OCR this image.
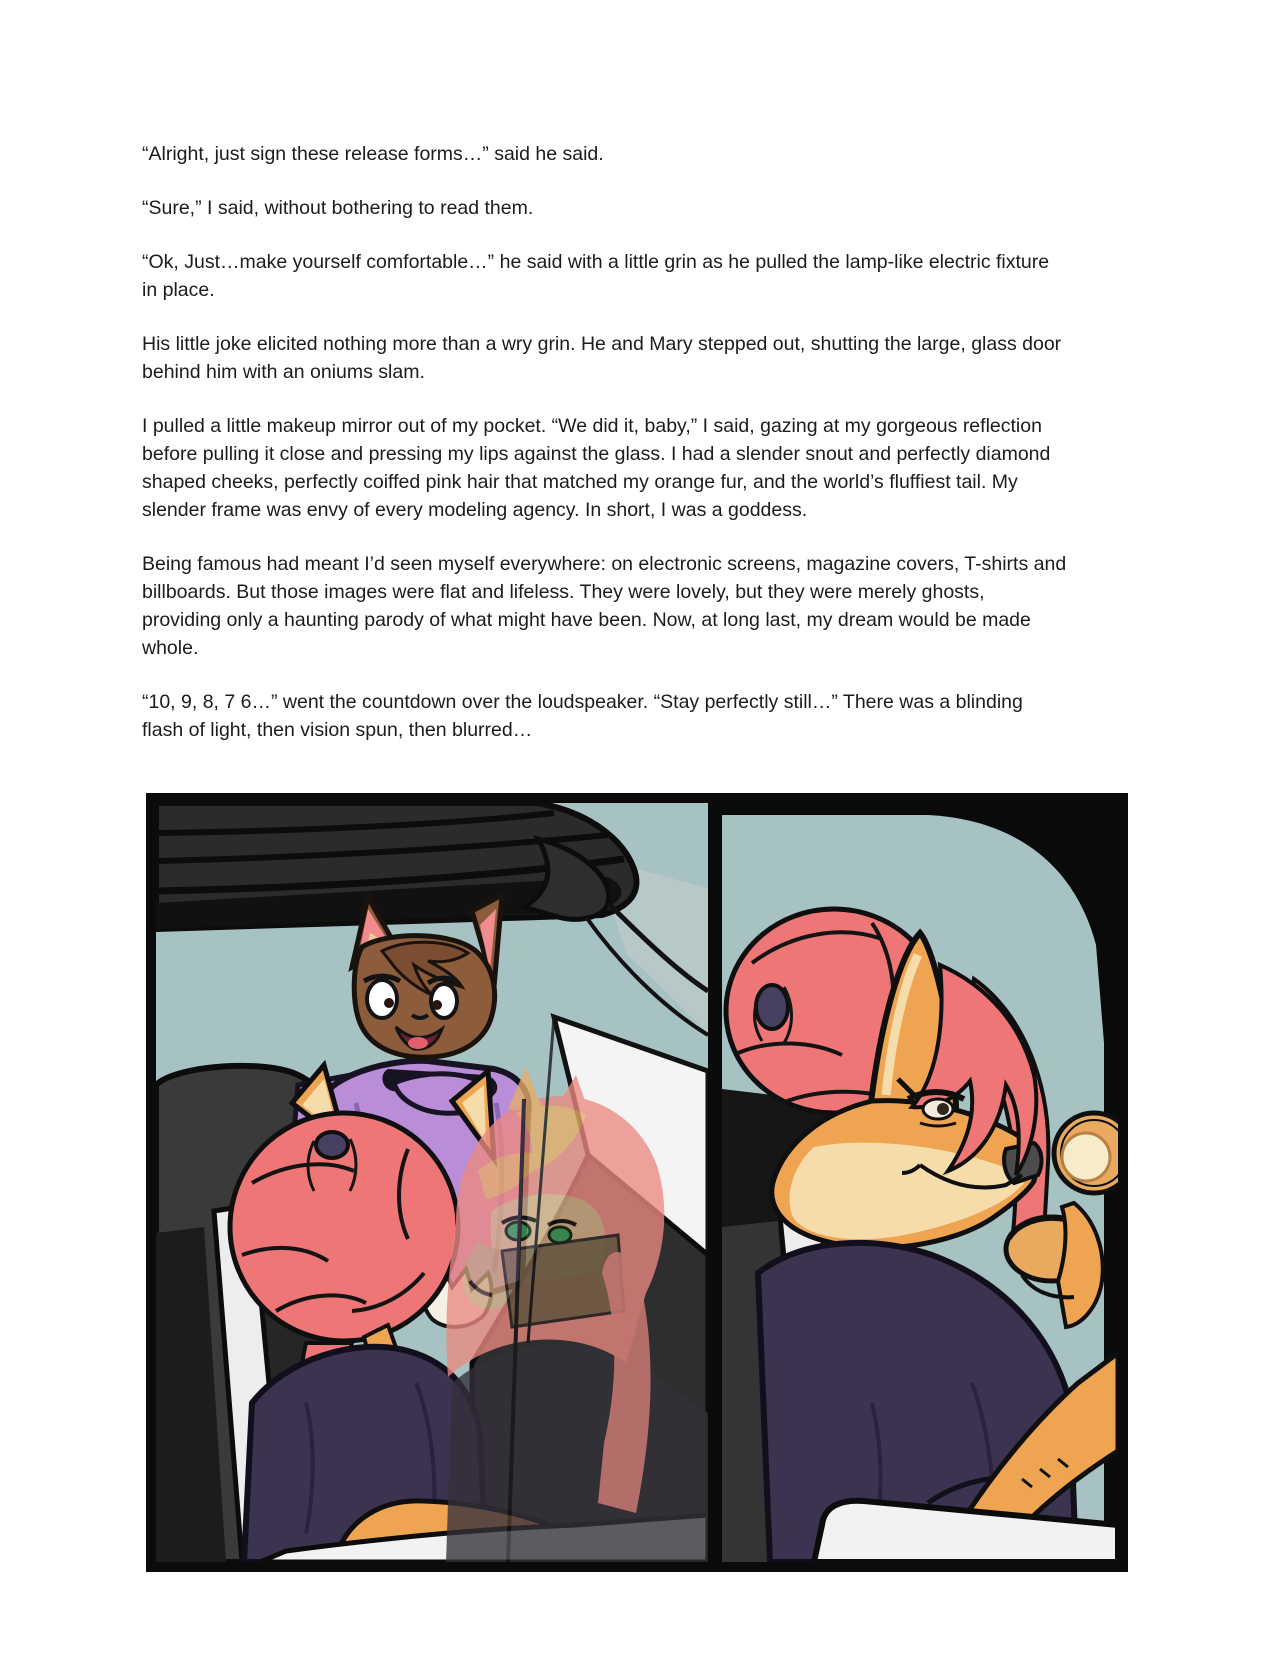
“Alright, just sign these release forms…” said he said.

“Sure,” I said, without bothering to read them.

“Ok, Just…make yourself comfortable…” he said with a little grin as he pulled the lamp-like electric fixture in place.

His little joke elicited nothing more than a wry grin. He and Mary stepped out, shutting the large, glass door behind him with an oniums slam.

I pulled a little makeup mirror out of my pocket. “We did it, baby,” I said, gazing at my gorgeous reflection before pulling it close and pressing my lips against the glass. I had a slender snout and perfectly diamond shaped cheeks, perfectly coiffed pink hair that matched my orange fur, and the world’s fluffiest tail. My slender frame was envy of every modeling agency. In short, I was a goddess.

Being famous had meant I’d seen myself everywhere: on electronic screens, magazine covers, T-shirts and billboards. But those images were flat and lifeless. They were lovely, but they were merely ghosts, providing only a haunting parody of what might have been. Now, at long last, my dream would be made whole.

“10, 9, 8, 7 6…” went the countdown over the loudspeaker. “Stay perfectly still…” There was a blinding flash of light, then vision spun, then blurred…
